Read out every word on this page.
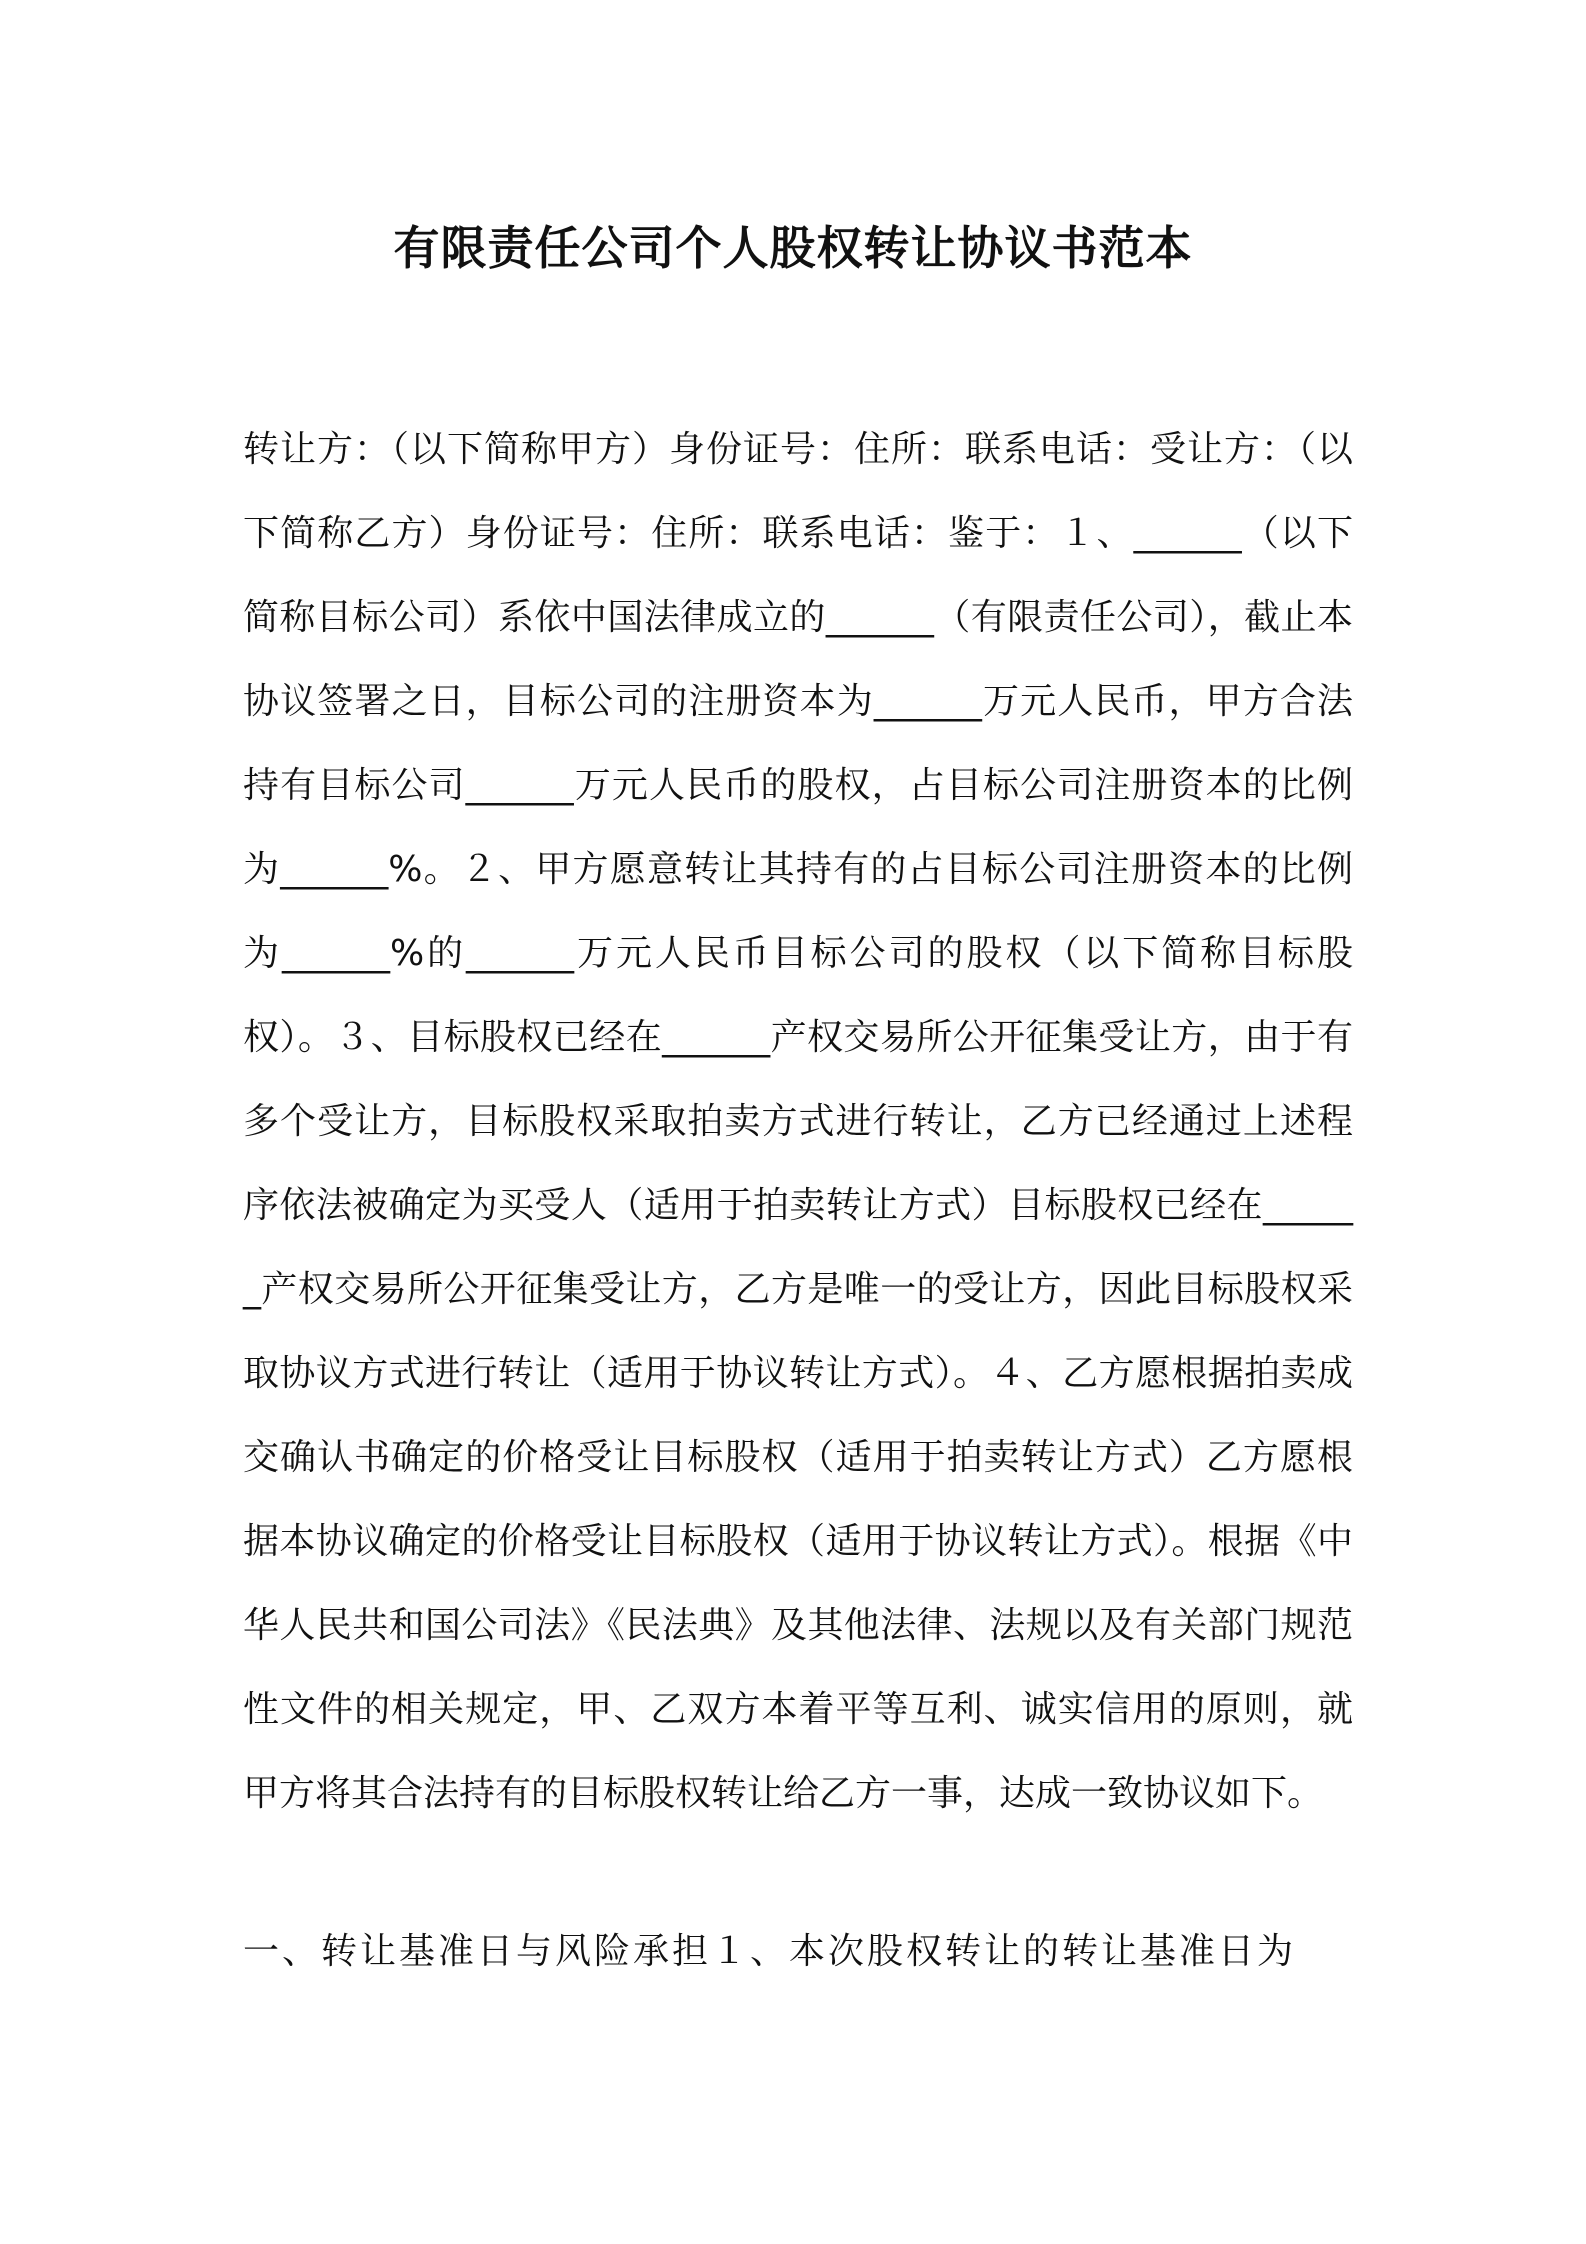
有限责任公司个人股权转让协议书范本

转让方：（以下简称甲方）身份证号：住所：联系电话：受让方：（以下简称乙方）身份证号：住所：联系电话：鉴于：１、______（以下简称目标公司）系依中国法律成立的______（有限责任公司），截止本协议签署之日，目标公司的注册资本为______万元人民币，甲方合法持有目标公司______万元人民币的股权，占目标公司注册资本的比例为______%。２、甲方愿意转让其持有的占目标公司注册资本的比例为______%的______万元人民币目标公司的股权（以下简称目标股权）。３、目标股权已经在______产权交易所公开征集受让方，由于有多个受让方，目标股权采取拍卖方式进行转让，乙方已经通过上述程序依法被确定为买受人（适用于拍卖转让方式）目标股权已经在______产权交易所公开征集受让方，乙方是唯一的受让方，因此目标股权采取协议方式进行转让（适用于协议转让方式）。４、乙方愿根据拍卖成交确认书确定的价格受让目标股权（适用于拍卖转让方式）乙方愿根据本协议确定的价格受让目标股权（适用于协议转让方式）。根据《中华人民共和国公司法》《民法典》及其他法律、法规以及有关部门规范性文件的相关规定，甲、乙双方本着平等互利、诚实信用的原则，就甲方将其合法持有的目标股权转让给乙方一事，达成一致协议如下。

一、转让基准日与风险承担１、本次股权转让的转让基准日为
